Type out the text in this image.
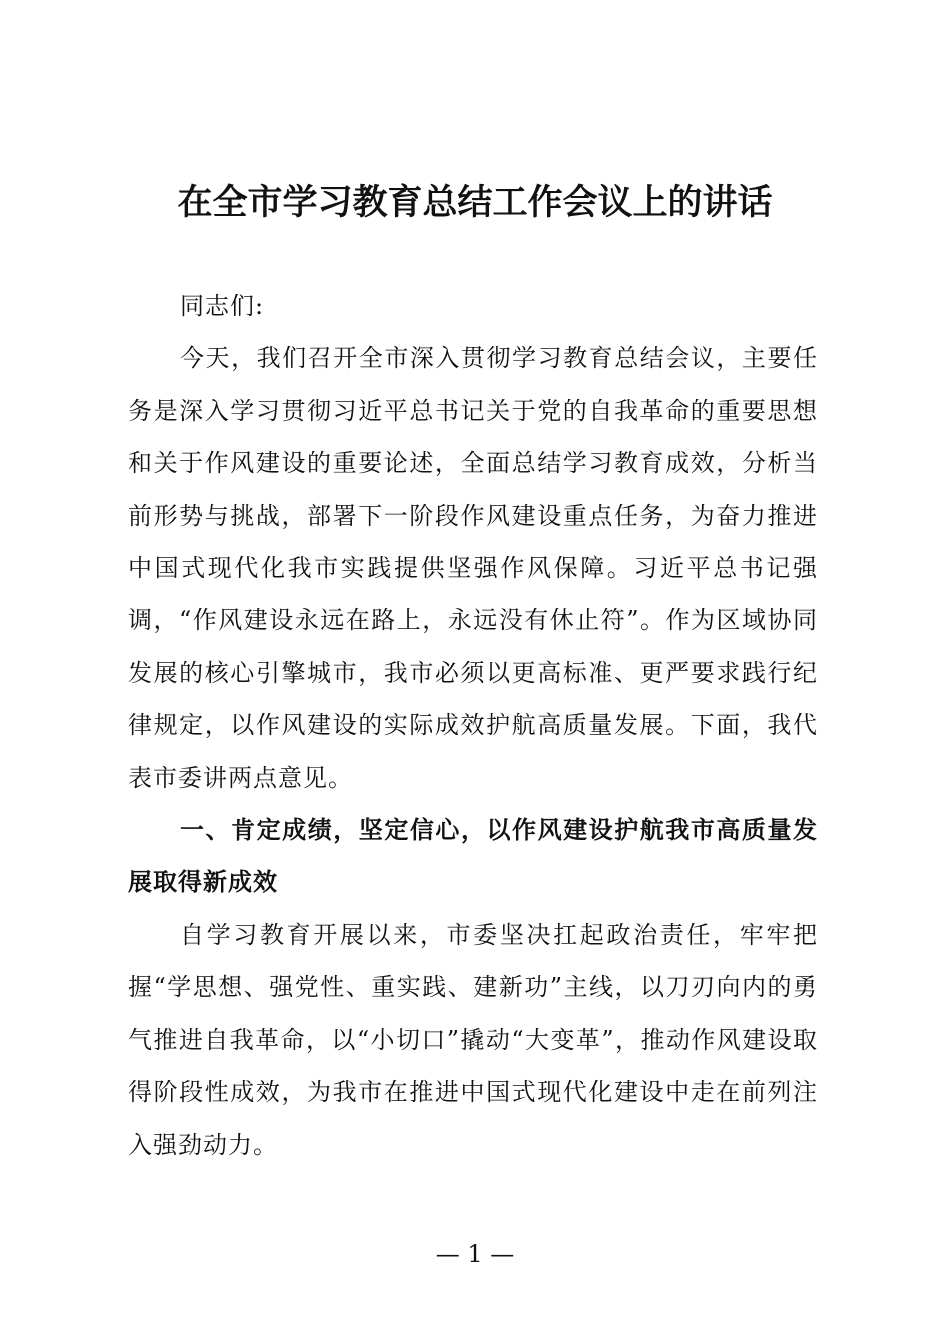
在全市学习教育总结工作会议上的讲话

同志们:

今天，我们召开全市深入贯彻学习教育总结会议，主要任务是深入学习贯彻习近平总书记关于党的自我革命的重要思想和关于作风建设的重要论述，全面总结学习教育成效，分析当前形势与挑战，部署下一阶段作风建设重点任务，为奋力推进中国式现代化我市实践提供坚强作风保障。习近平总书记强调，“作风建设永远在路上，永远没有休止符”。作为区域协同发展的核心引擎城市，我市必须以更高标准、更严要求践行纪律规定，以作风建设的实际成效护航高质量发展。下面，我代表市委讲两点意见。

一、肯定成绩，坚定信心，以作风建设护航我市高质量发展取得新成效

自学习教育开展以来，市委坚决扛起政治责任，牢牢把握“学思想、强党性、重实践、建新功”主线，以刀刃向内的勇气推进自我革命，以“小切口”撬动“大变革”，推动作风建设取得阶段性成效，为我市在推进中国式现代化建设中走在前列注入强劲动力。

— 1 —
